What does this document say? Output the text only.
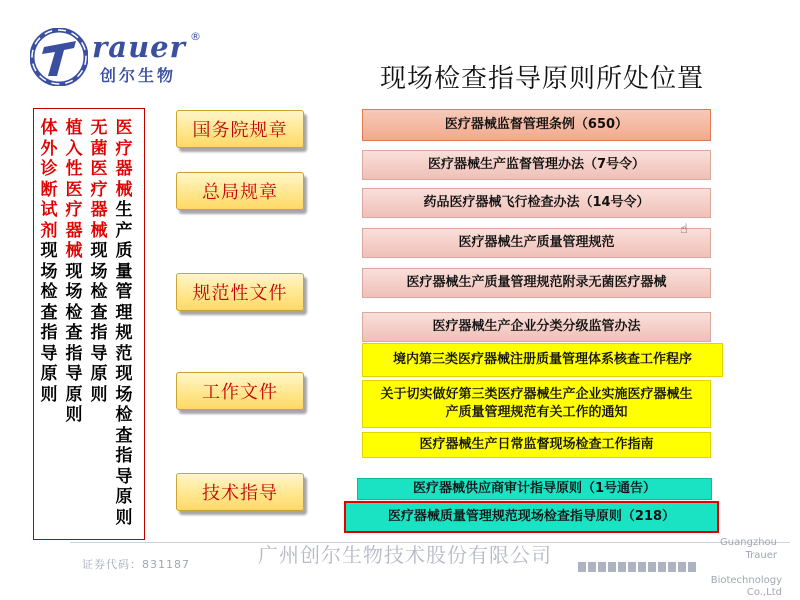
rauer ®
创尔生物	现场检查指导原则所处位置
医疗器械生产质量管理规范现场检查指导原则
无菌医疗器械现场检查指导原则
植入性医疗器械现场检查指导原则
体外诊断试剂现场检查指导原则
国务院规章
总局规章
规范性文件
工作文件
技术指导
医疗器械监督管理条例（650）
医疗器械生产监督管理办法（7号令）
药品医疗器械飞行检查办法（14号令）
医疗器械生产质量管理规范
医疗器械生产质量管理规范附录无菌医疗器械
医疗器械生产企业分类分级监管办法
境内第三类医疗器械注册质量管理体系核查工作程序
关于切实做好第三类医疗器械生产企业实施医疗器械生产质量管理规范有关工作的通知
医疗器械生产日常监督现场检查工作指南
医疗器械供应商审计指导原则（1号通告）
医疗器械质量管理规范现场检查指导原则（218）
☝
证券代码：831187	广州创尔生物技术股份有限公司
Guangzhou
Trauer
Biotechnology
Co.,Ltd
